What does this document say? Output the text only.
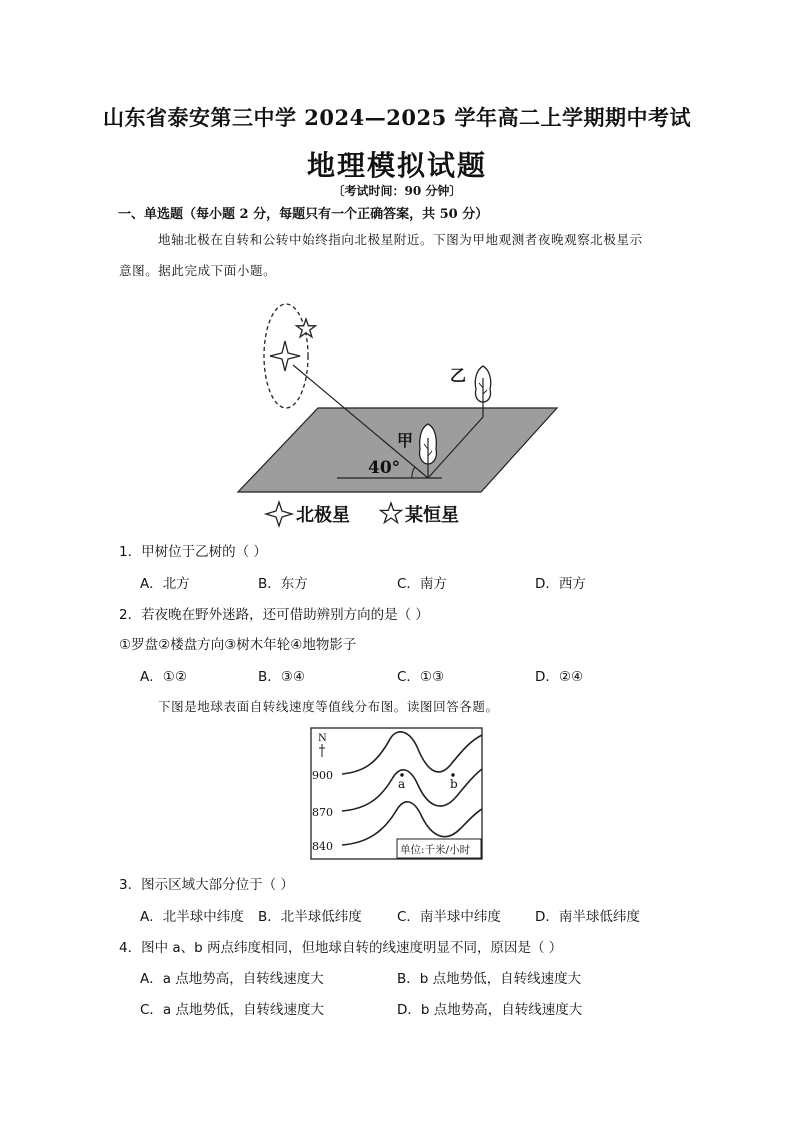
山东省泰安第三中学 2024—2025 学年高二上学期期中考试
地理模拟试题
〔考试时间：90 分钟〕
一、单选题（每小题 2 分，每题只有一个正确答案，共 50 分）
地轴北极在自转和公转中始终指向北极星附近。下图为甲地观测者夜晚观察北极星示
意图。据此完成下面小题。
40°
甲
乙
北极星	某恒星
1．甲树位于乙树的（ ）
A．北方	B．东方	C．南方	D．西方
2．若夜晚在野外迷路，还可借助辨别方向的是（ ）
①罗盘②楼盘方向③树木年轮④地物影子
A．①②	B．③④	C．①③	D．②④
下图是地球表面自转线速度等值线分布图。读图回答各题。
N
900
870
840
a	b
单位:千米/小时
3．图示区域大部分位于（ ）
A．北半球中纬度 B．北半球低纬度	C．南半球中纬度	D．南半球低纬度
4．图中 a、b 两点纬度相同，但地球自转的线速度明显不同，原因是（ ）
A．a 点地势高，自转线速度大	B．b 点地势低，自转线速度大
C．a 点地势低，自转线速度大	D．b 点地势高，自转线速度大
